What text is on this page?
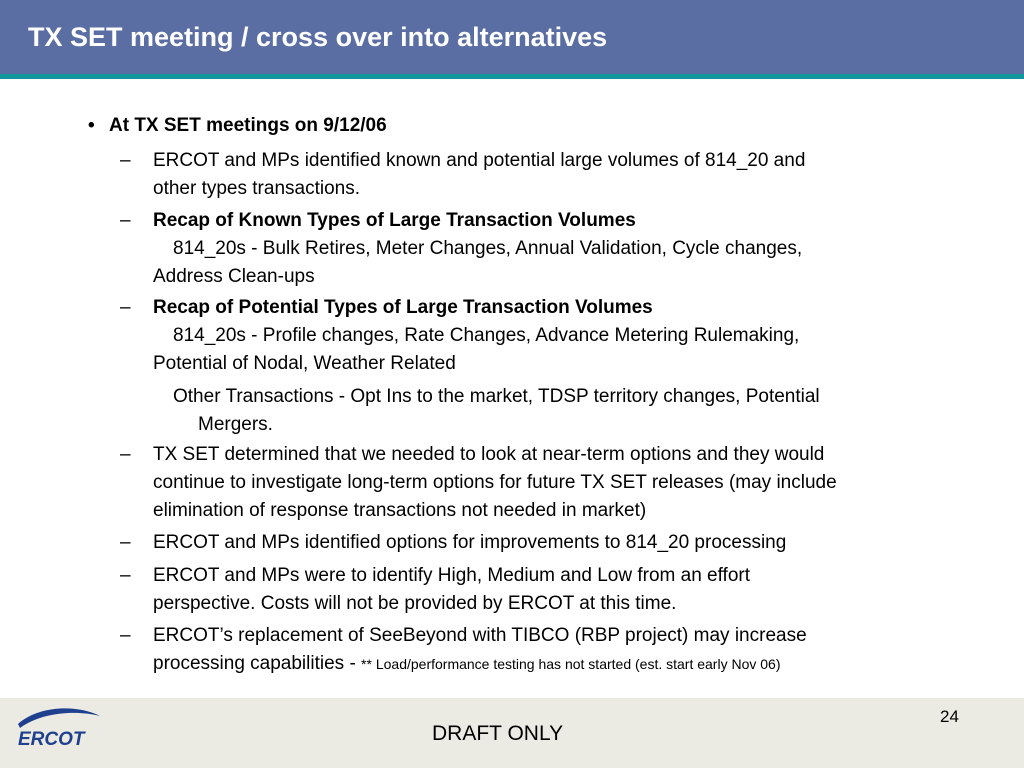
TX SET meeting / cross over into alternatives
• At TX SET meetings on 9/12/06
– ERCOT and MPs identified known and potential large volumes of 814_20 and
other types transactions.
– Recap of Known Types of Large Transaction Volumes
814_20s - Bulk Retires, Meter Changes, Annual Validation, Cycle changes,
Address Clean-ups
– Recap of Potential Types of Large Transaction Volumes
814_20s - Profile changes, Rate Changes, Advance Metering Rulemaking,
Potential of Nodal, Weather Related
Other Transactions - Opt Ins to the market, TDSP territory changes, Potential
Mergers.
– TX SET determined that we needed to look at near-term options and they would
continue to investigate long-term options for future TX SET releases (may include
elimination of response transactions not needed in market)
– ERCOT and MPs identified options for improvements to 814_20 processing
– ERCOT and MPs were to identify High, Medium and Low from an effort
perspective. Costs will not be provided by ERCOT at this time.
– ERCOT’s replacement of SeeBeyond with TIBCO (RBP project) may increase
processing capabilities - ** Load/performance testing has not started (est. start early Nov 06)
ERCOT	DRAFT ONLY
24
